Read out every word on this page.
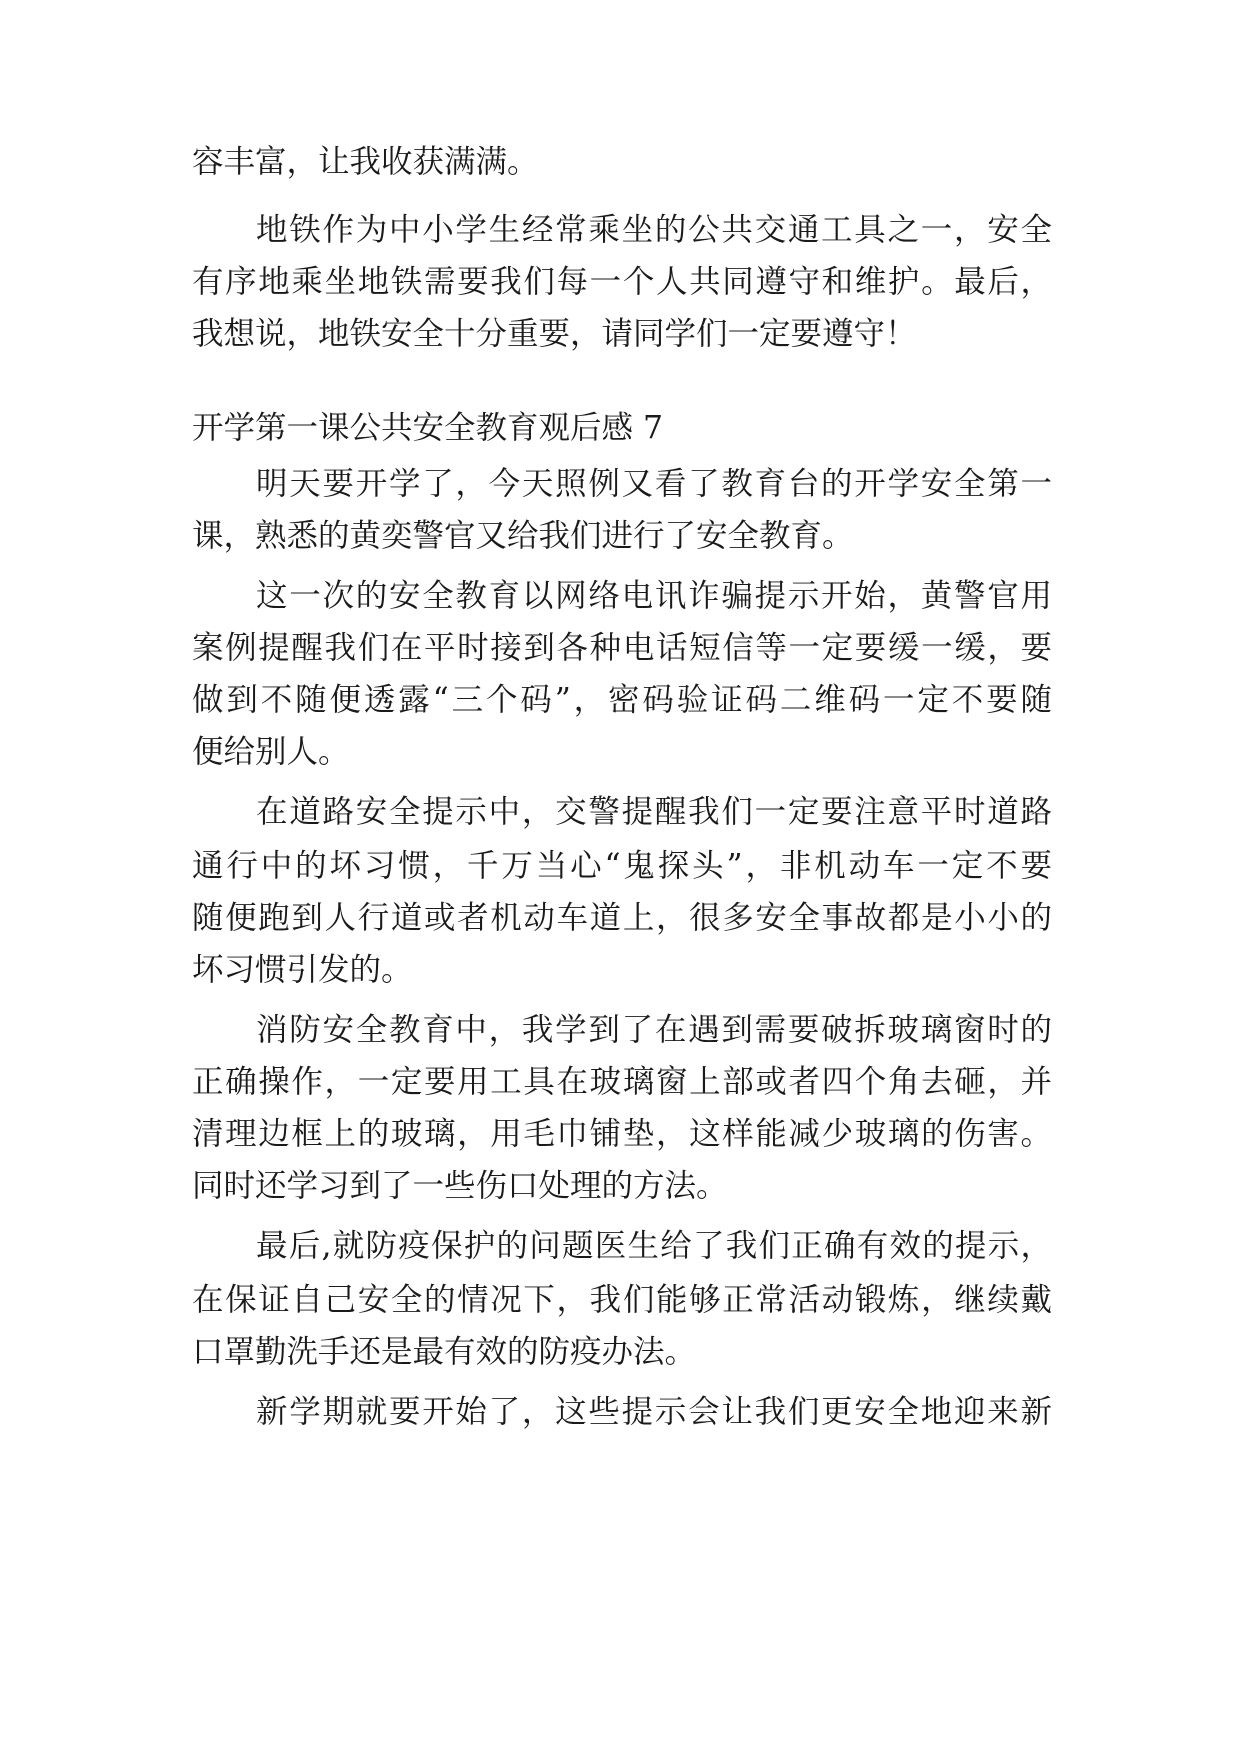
容丰富，让我收获满满。
地铁作为中小学生经常乘坐的公共交通工具之一，安全
有序地乘坐地铁需要我们每一个人共同遵守和维护。最后，
我想说，地铁安全十分重要，请同学们一定要遵守！
开学第一课公共安全教育观后感 7
明天要开学了，今天照例又看了教育台的开学安全第一
课，熟悉的黄奕警官又给我们进行了安全教育。
这一次的安全教育以网络电讯诈骗提示开始，黄警官用
案例提醒我们在平时接到各种电话短信等一定要缓一缓，要
做到不随便透露“三个码”，密码验证码二维码一定不要随
便给别人。
在道路安全提示中，交警提醒我们一定要注意平时道路
通行中的坏习惯，千万当心“鬼探头”，非机动车一定不要
随便跑到人行道或者机动车道上，很多安全事故都是小小的
坏习惯引发的。
消防安全教育中，我学到了在遇到需要破拆玻璃窗时的
正确操作，一定要用工具在玻璃窗上部或者四个角去砸，并
清理边框上的玻璃，用毛巾铺垫，这样能减少玻璃的伤害。
同时还学习到了一些伤口处理的方法。
最后,就防疫保护的问题医生给了我们正确有效的提示，
在保证自己安全的情况下，我们能够正常活动锻炼，继续戴
口罩勤洗手还是最有效的防疫办法。
新学期就要开始了，这些提示会让我们更安全地迎来新
